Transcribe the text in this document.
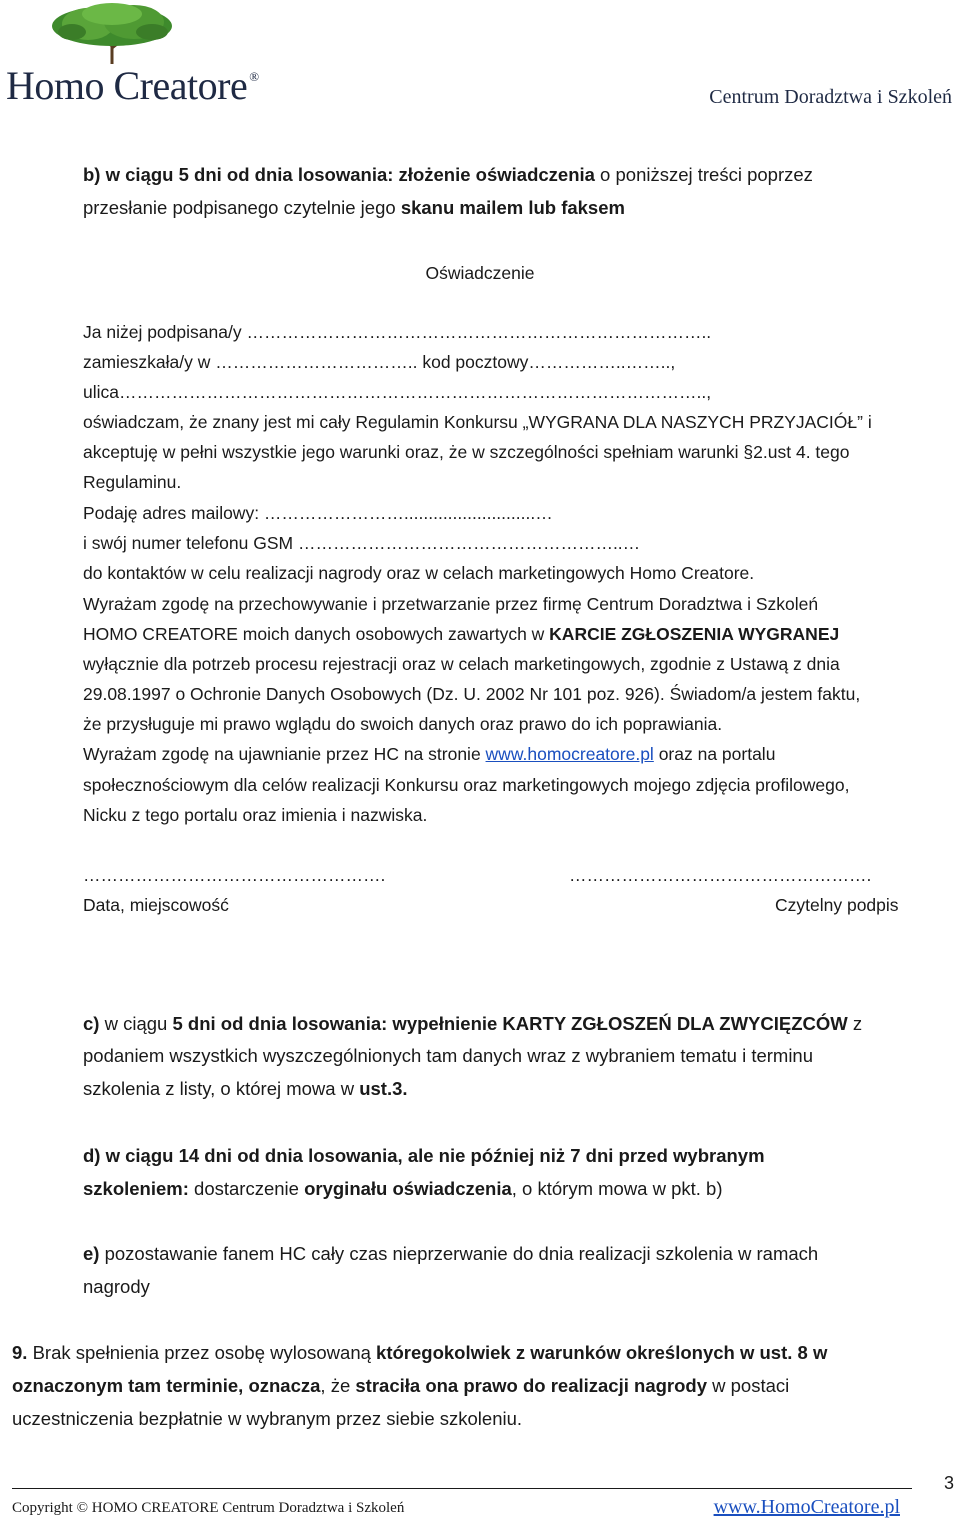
Homo Creatore ®
Centrum Doradztwa i Szkoleń
b) w ciągu 5 dni od dnia losowania: złożenie oświadczenia o poniższej treści poprzez
przesłanie podpisanego czytelnie jego skanu mailem lub faksem
Oświadczenie
Ja niżej podpisana/y ……………………………………………………………………..
zamieszkała/y w …………………………….. kod pocztowy……………..……..,
ulica………………………………………………………………………………………..,
oświadczam, że znany jest mi cały Regulamin Konkursu „WYGRANA DLA NASZYCH PRZYJACIÓŁ” i
akceptuję w pełni wszystkie jego warunki oraz, że w szczególności spełniam warunki §2.ust 4. tego
Regulaminu.
Podaję adres mailowy: ……………………...........................…
i swój numer telefonu GSM ………………………………………………..…
do kontaktów w celu realizacji nagrody oraz w celach marketingowych Homo Creatore.
Wyrażam zgodę na przechowywanie i przetwarzanie przez firmę Centrum Doradztwa i Szkoleń
HOMO CREATORE moich danych osobowych zawartych w KARCIE ZGŁOSZENIA WYGRANEJ
wyłącznie dla potrzeb procesu rejestracji oraz w celach marketingowych, zgodnie z Ustawą z dnia
29.08.1997 o Ochronie Danych Osobowych (Dz. U. 2002 Nr 101 poz. 926). Świadom/a jestem faktu,
że przysługuje mi prawo wglądu do swoich danych oraz prawo do ich poprawiania.
Wyrażam zgodę na ujawnianie przez HC na stronie www.homocreatore.pl oraz na portalu
społecznościowym dla celów realizacji Konkursu oraz marketingowych mojego zdjęcia profilowego,
Nicku z tego portalu oraz imienia i nazwiska.
…………………………………………….	…………………………………………….
Data, miejscowość	Czytelny podpis
c) w ciągu 5 dni od dnia losowania: wypełnienie KARTY ZGŁOSZEŃ DLA ZWYCIĘZCÓW z
podaniem wszystkich wyszczególnionych tam danych wraz z wybraniem tematu i terminu
szkolenia z listy, o której mowa w ust.3.
d) w ciągu 14 dni od dnia losowania, ale nie później niż 7 dni przed wybranym
szkoleniem: dostarczenie oryginału oświadczenia, o którym mowa w pkt. b)
e) pozostawanie fanem HC cały czas nieprzerwanie do dnia realizacji szkolenia w ramach
nagrody
9. Brak spełnienia przez osobę wylosowaną któregokolwiek z warunków określonych w ust. 8 w
oznaczonym tam terminie, oznacza, że straciła ona prawo do realizacji nagrody w postaci
uczestniczenia bezpłatnie w wybranym przez siebie szkoleniu.
3
Copyright © HOMO CREATORE Centrum Doradztwa i Szkoleń	www.HomoCreatore.pl
